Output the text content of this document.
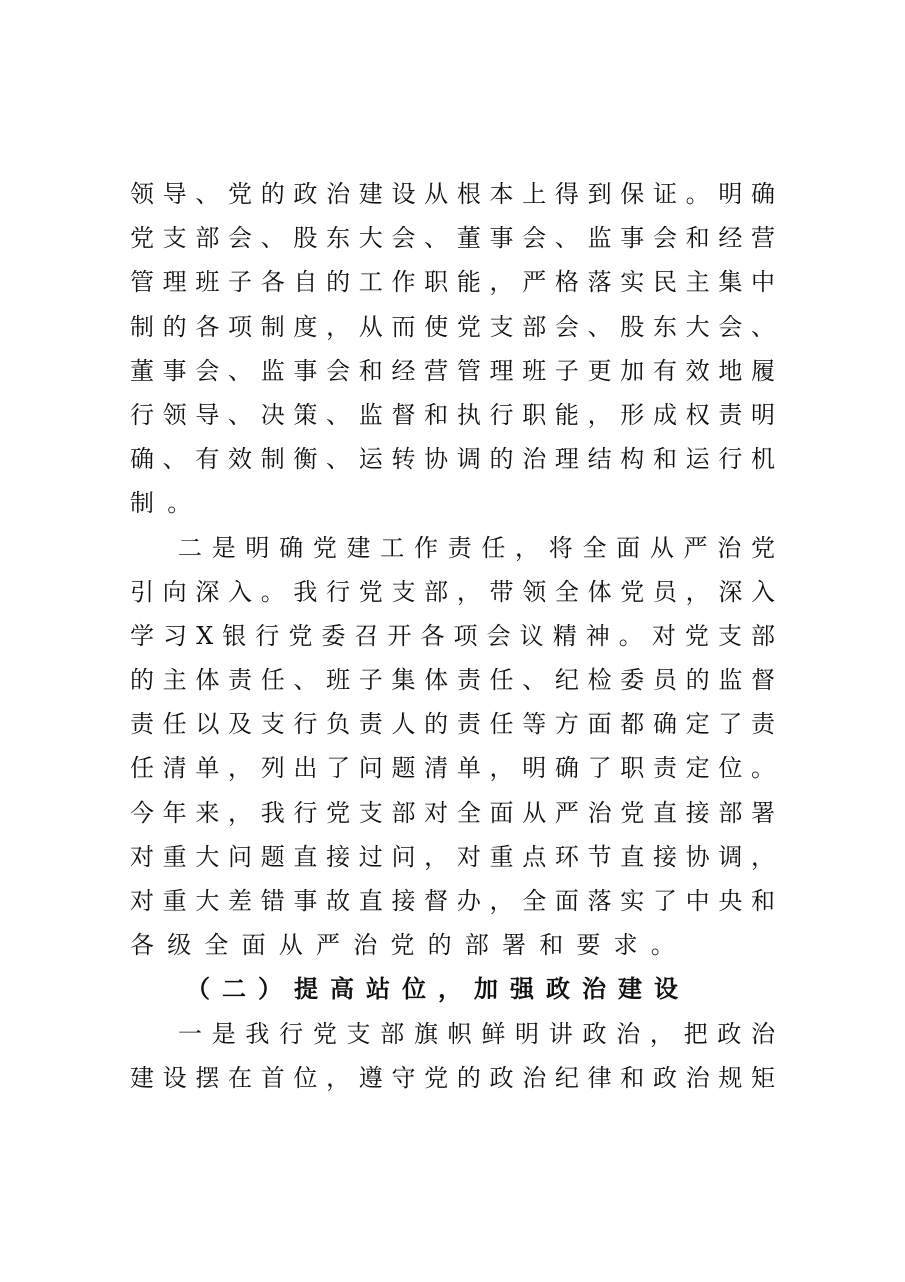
领导、党的政治建设从根本上得到保证。明确
党支部会、股东大会、董事会、监事会和经营
管理班子各自的工作职能，严格落实民主集中
制的各项制度，从而使党支部会、股东大会、
董事会、监事会和经营管理班子更加有效地履
行领导、决策、监督和执行职能，形成权责明
确、有效制衡、运转协调的治理结构和运行机
制。
二是明确党建工作责任，将全面从严治党
引向深入。我行党支部，带领全体党员，深入
学习X银行党委召开各项会议精神。对党支部
的主体责任、班子集体责任、纪检委员的监督
责任以及支行负责人的责任等方面都确定了责
任清单，列出了问题清单，明确了职责定位。
今年来，我行党支部对全面从严治党直接部署
对重大问题直接过问，对重点环节直接协调，
对重大差错事故直接督办，全面落实了中央和
各级全面从严治党的部署和要求。
（二）提高站位，加强政治建设
一是我行党支部旗帜鲜明讲政治，把政治
建设摆在首位，遵守党的政治纪律和政治规矩
